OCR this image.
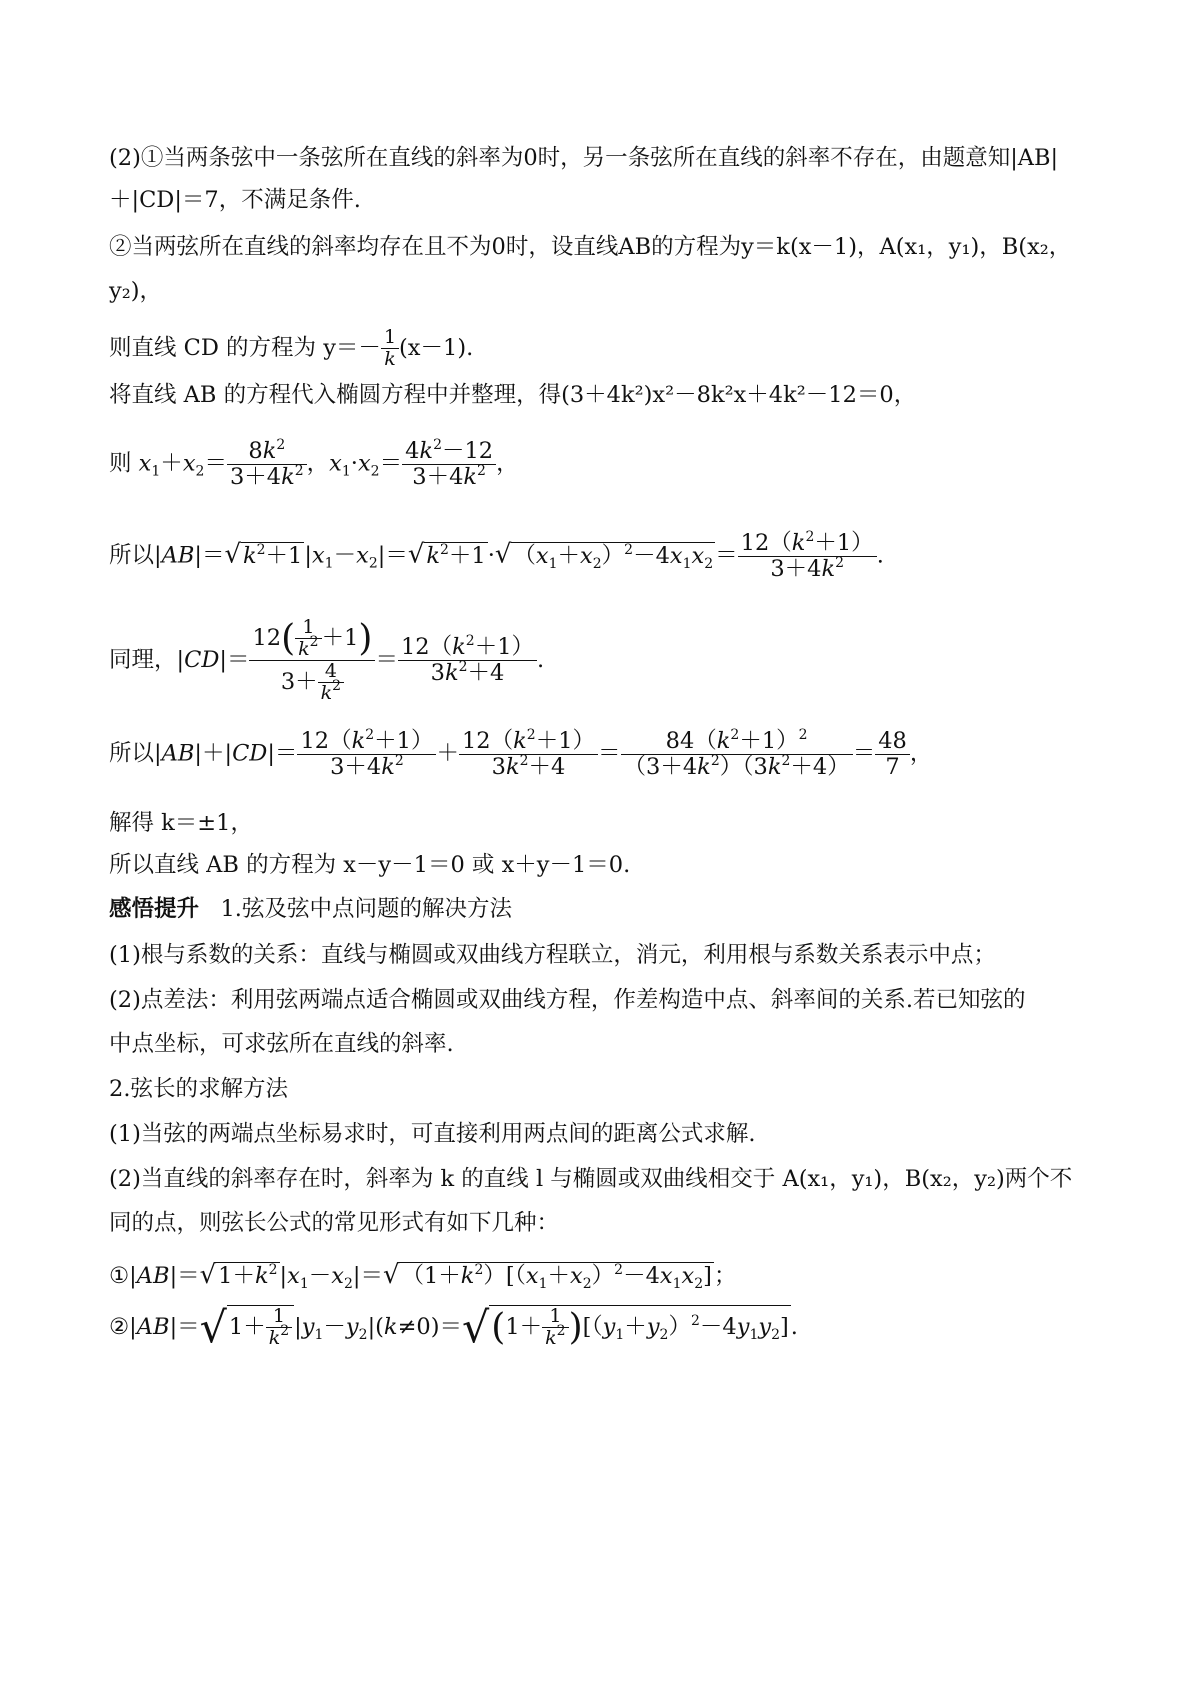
(2)①当两条弦中一条弦所在直线的斜率为0时，另一条弦所在直线的斜率不存在，由题意知|AB|
＋|CD|＝7，不满足条件.
②当两弦所在直线的斜率均存在且不为0时，设直线AB的方程为y＝k(x－1)，A(x₁，y₁)，B(x₂，
y₂)，
则直线 CD 的方程为 $y=- \frac{1}{k} (x-1)$.
将直线 AB 的方程代入椭圆方程中并整理，得(3＋4k²)x²－8k²x＋4k²－12＝0，
则 $x_1+x_2= \frac{8k^2}{3+4k^2}$ ，$x_1\cdot x_2= \frac{4k^2-12}{3+4k^2}$ ，
所以$|AB|=√k^2+1|x_1-x_2|=√k^2+1\cdot√(x_1+x_2)^2-4x_1x_2= \frac{12(k^2+1)}{3+4k^2}$ .
同理，$|CD|= \frac{12( \frac{1}{k^2} +1)}{3+ \frac{4}{k^2}} = \frac{12(k^2+1)}{3k^2+4}$ .
所以$|AB|+|CD|= \frac{12(k^2+1)}{3+4k^2} + \frac{12(k^2+1)}{3k^2+4} = \frac{84(k^2+1)^2}{(3+4k^2)(3k^2+4)} = \frac{48}{7}$ ，
解得 k＝±1，
所以直线 AB 的方程为 x－y－1＝0 或 x＋y－1＝0.
感悟提升 1.弦及弦中点问题的解决方法
(1)根与系数的关系：直线与椭圆或双曲线方程联立，消元，利用根与系数关系表示中点；
(2)点差法：利用弦两端点适合椭圆或双曲线方程，作差构造中点、斜率间的关系.若已知弦的
中点坐标，可求弦所在直线的斜率.
2.弦长的求解方法
(1)当弦的两端点坐标易求时，可直接利用两点间的距离公式求解.
(2)当直线的斜率存在时，斜率为 k 的直线 l 与椭圆或双曲线相交于 A(x₁，y₁)，B(x₂，y₂)两个不
同的点，则弦长公式的常见形式有如下几种：
$①|AB|=√1+k^2|x_1-x_2|=√(1+k^2)[(x_1+x_2)^2-4x_1x_2]$；
②|AB|＝√1＋ $\frac{1}{k^2} |y_1-y_2|(k\ne 0)=√(1+ \frac{1}{k^2} )[(y_1+y_2)^2-4y_1y_2]$.
